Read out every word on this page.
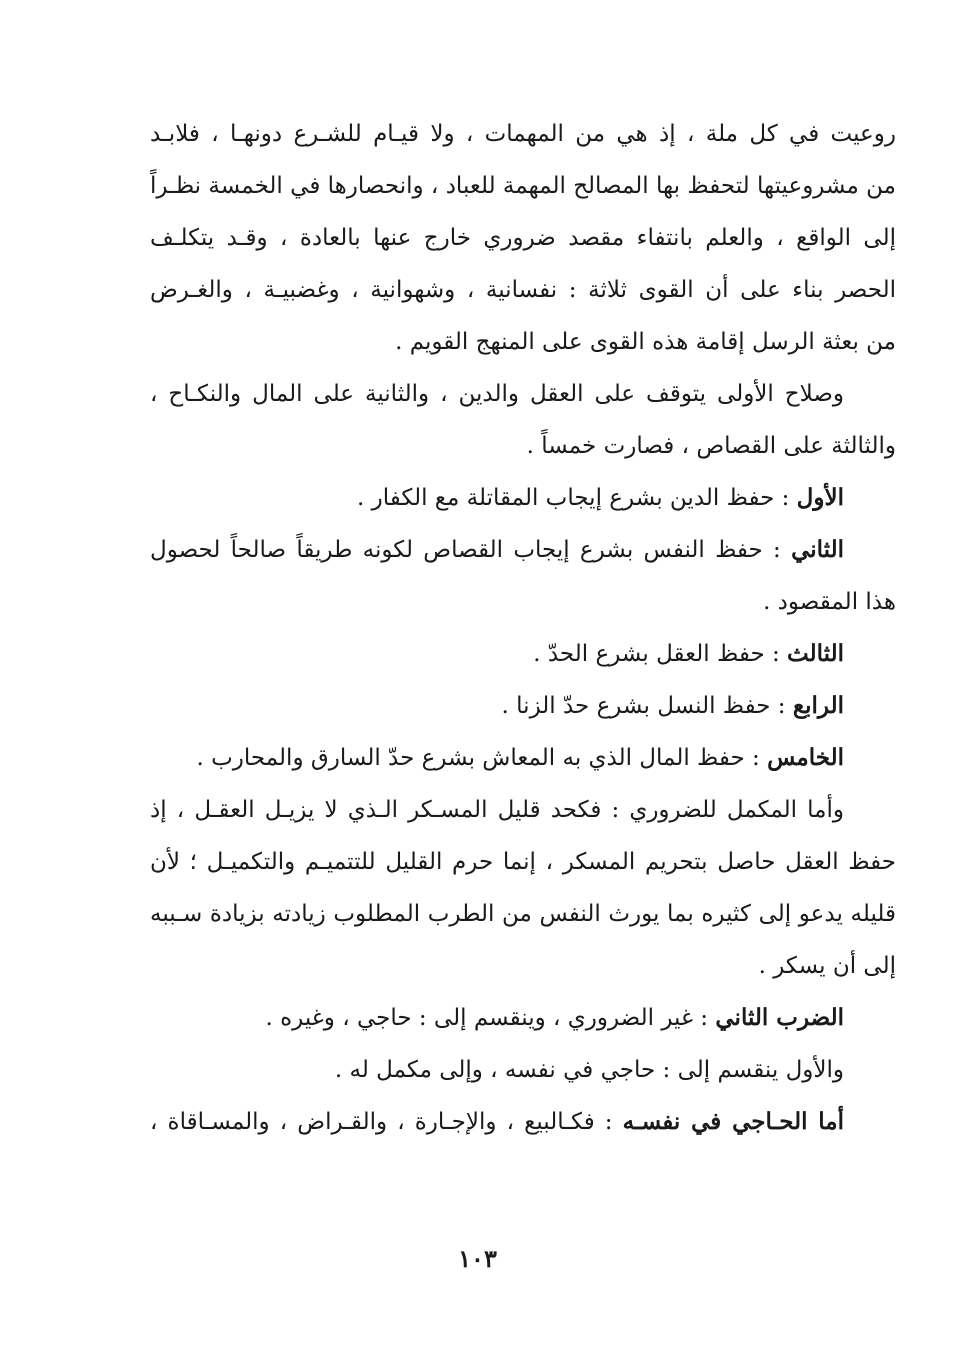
روعيت في كل ملة ، إذ هي من المهمات ، ولا قيـام للشـرع دونهـا ، فلابـد
من مشروعيتها لتحفظ بها المصالح المهمة للعباد ، وانحصارها في الخمسة نظـراً
إلى الواقع ، والعلم بانتفاء مقصد ضروري خارج عنها بالعادة ، وقـد يتكلـف
الحصر بناء على أن القوى ثلاثة : نفسانية ، وشهوانية ، وغضبيـة ، والغـرض
من بعثة الرسل إقامة هذه القوى على المنهج القويم .
وصلاح الأولى يتوقف على العقل والدين ، والثانية على المال والنكـاح ،
والثالثة على القصاص ، فصارت خمساً .
الأول : حفظ الدين بشرع إيجاب المقاتلة مع الكفار .
الثاني : حفظ النفس بشرع إيجاب القصاص لكونه طريقاً صالحاً لحصول
هذا المقصود .
الثالث : حفظ العقل بشرع الحدّ .
الرابع : حفظ النسل بشرع حدّ الزنا .
الخامس : حفظ المال الذي به المعاش بشرع حدّ السارق والمحارب .
وأما المكمل للضروري : فكحد قليل المسـكر الـذي لا يزيـل العقـل ، إذ
حفظ العقل حاصل بتحريم المسكر ، إنما حرم القليل للتتميـم والتكميـل ؛ لأن
قليله يدعو إلى كثيره بما يورث النفس من الطرب المطلوب زيادته بزيادة سـببه
إلى أن يسكر .
الضرب الثاني : غير الضروري ، وينقسم إلى : حاجي ، وغيره .
والأول ينقسم إلى : حاجي في نفسه ، وإلى مكمل له .
أما الحـاجي في نفسـه : فكـالبيع ، والإجـارة ، والقـراض ، والمسـاقاة ،
١٠٣
